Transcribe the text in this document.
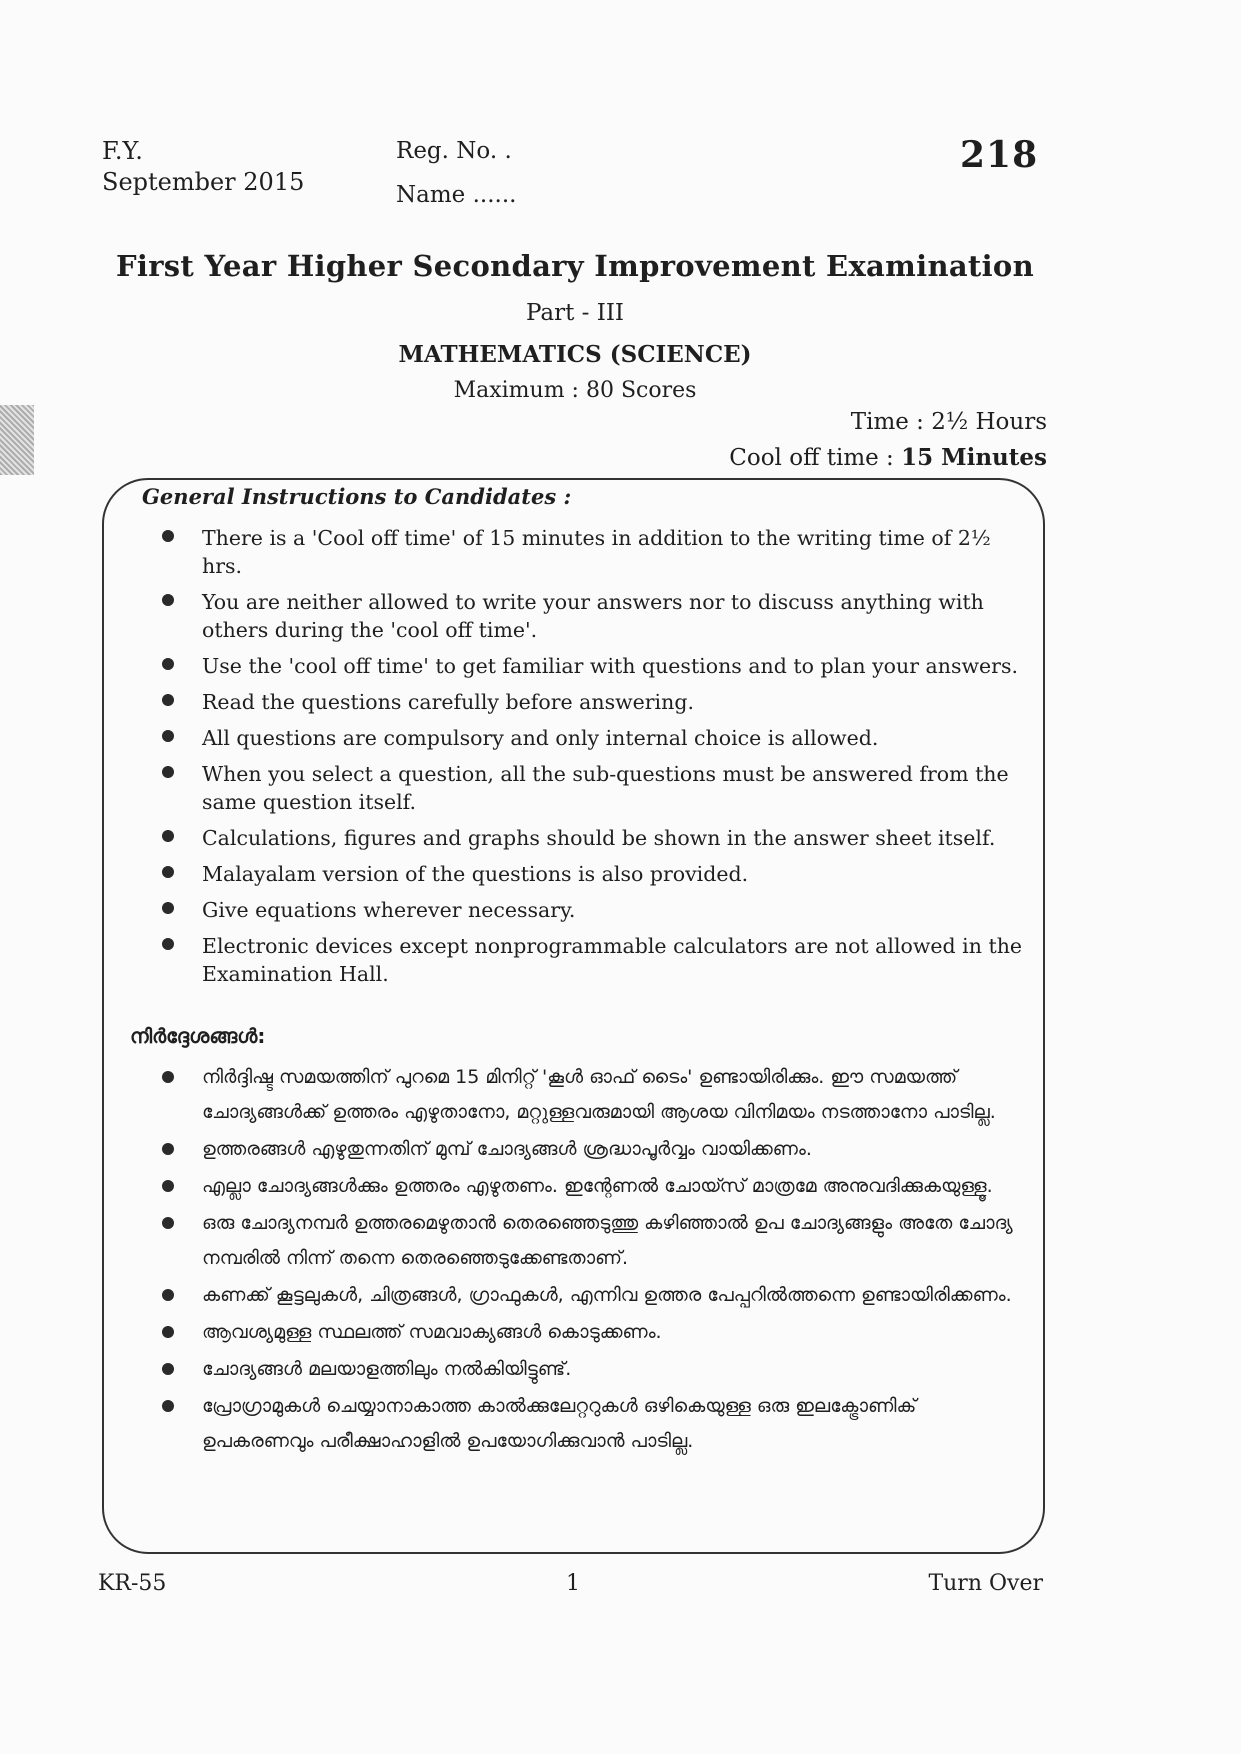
F.Y.
September 2015
Reg. No. .
Name ......
218
First Year Higher Secondary Improvement Examination
Part - III
MATHEMATICS (SCIENCE)
Maximum : 80 Scores
Time : 2½ Hours
Cool off time : 15 Minutes
General Instructions to Candidates :
There is a 'Cool off time' of 15 minutes in addition to the writing time of 2½ hrs.
You are neither allowed to write your answers nor to discuss anything with others during the 'cool off time'.
Use the 'cool off time' to get familiar with questions and to plan your answers.
Read the questions carefully before answering.
All questions are compulsory and only internal choice is allowed.
When you select a question, all the sub-questions must be answered from the same question itself.
Calculations, figures and graphs should be shown in the answer sheet itself.
Malayalam version of the questions is also provided.
Give equations wherever necessary.
Electronic devices except nonprogrammable calculators are not allowed in the Examination Hall.
നിർദ്ദേശങ്ങൾ:
നിർദ്ദിഷ്ട സമയത്തിന് പുറമെ 15 മിനിറ്റ് 'കൂൾ ഓഫ് ടൈം' ഉണ്ടായിരിക്കും. ഈ സമയത്ത് ചോദ്യങ്ങൾക്ക് ഉത്തരം എഴുതാനോ, മറ്റുള്ളവരുമായി ആശയ വിനിമയം നടത്താനോ പാടില്ല.
ഉത്തരങ്ങൾ എഴുതുന്നതിന് മുമ്പ് ചോദ്യങ്ങൾ ശ്രദ്ധാപൂർവ്വം വായിക്കണം.
എല്ലാ ചോദ്യങ്ങൾക്കും ഉത്തരം എഴുതണം. ഇന്റേണൽ ചോയ്സ് മാത്രമേ അനുവദിക്കുകയുള്ളൂ.
ഒരു ചോദ്യനമ്പർ ഉത്തരമെഴുതാൻ തെരഞ്ഞെടുത്തു കഴിഞ്ഞാൽ ഉപ ചോദ്യങ്ങളും അതേ ചോദ്യ നമ്പരിൽ നിന്ന് തന്നെ തെരഞ്ഞെടുക്കേണ്ടതാണ്.
കണക്ക് കൂട്ടലുകൾ, ചിത്രങ്ങൾ, ഗ്രാഫുകൾ, എന്നിവ ഉത്തര പേപ്പറിൽത്തന്നെ ഉണ്ടായിരിക്കണം.
ആവശ്യമുള്ള സ്ഥലത്ത് സമവാക്യങ്ങൾ കൊടുക്കണം.
ചോദ്യങ്ങൾ മലയാളത്തിലും നൽകിയിട്ടുണ്ട്.
പ്രോഗ്രാമുകൾ ചെയ്യാനാകാത്ത കാൽക്കുലേറ്ററുകൾ ഒഴികെയുള്ള ഒരു ഇലക്ട്രോണിക് ഉപകരണവും പരീക്ഷാഹാളിൽ ഉപയോഗിക്കുവാൻ പാടില്ല.
KR-55	1	Turn Over
